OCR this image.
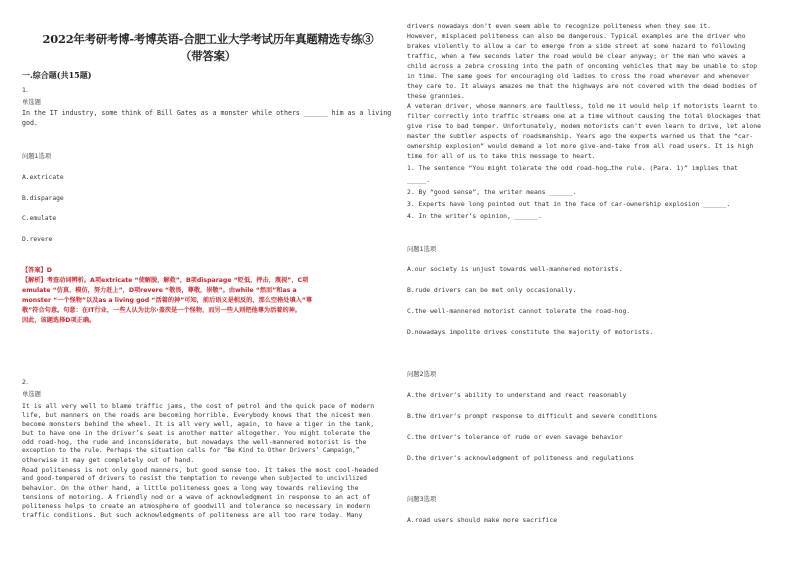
2022年考研考博-考博英语-合肥工业大学考试历年真题精选专练③
（带答案）
一.综合题(共15题)
1.
单选题
In the IT industry, some think of Bill Gates as a monster while others ______ him as a living
god.
问题1选项
A.extricate
B.disparage
C.emulate
D.revere
【答案】D
【解析】考查动词辨析。A项extricate “使解脱，解救”，B项disparage “贬低，抨击，蔑视”，C项
emulate “仿真，模仿，努力赶上”，D项revere “敬畏，尊敬，崇敬”。由while “然而”和as a
monster “一个怪物”以及as a living god “活着的神”可知，前后语义是相反的，那么空格处填入“尊
敬”符合句意。句意：在IT行业，一些人认为比尔·盖茨是一个怪物，而另一些人则把他尊为活着的神。
因此，该题选择D项正确。
2.
单选题
It is all very well to blame traffic jams, the cost of petrol and the quick pace of modern
life, but manners on the roads are becoming horrible. Everybody knows that the nicest men
become monsters behind the wheel. It is all very well, again, to have a tiger in the tank,
but to have one in the driver’s seat is another matter altogether. You might tolerate the
odd road-hog, the rude and inconsiderate, but nowadays the well-mannered motorist is the
exception to the rule. Perhaps the situation calls for “Be Kind to Other Drivers’ Campaign,”
otherwise it may get completely out of hand.
Road politeness is not only good manners, but good sense too. It takes the most cool-headed
and good-tempered of drivers to resist the temptation to revenge when subjected to uncivilized
behavior. On the other hand, a little politeness goes a long way towards relieving the
tensions of motoring. A friendly nod or a wave of acknowledgment in response to an act of
politeness helps to create an atmosphere of goodwill and tolerance so necessary in modern
traffic conditions. But such acknowledgments of politeness are all too rare today. Many
drivers nowadays don’t even seem able to recognize politeness when they see it.
However, misplaced politeness can also be dangerous. Typical examples are the driver who
brakes violently to allow a car to emerge from a side street at some hazard to following
traffic, when a few seconds later the road would be clear anyway; or the man who waves a
child across a zebra crossing into the path of oncoming vehicles that may be unable to stop
in time. The same goes for encouraging old ladies to cross the road wherever and whenever
they care to. It always amazes me that the highways are not covered with the dead bodies of
these grannies.
A veteran driver, whose manners are faultless, told me it would help if motorists learnt to
filter correctly into traffic streams one at a time without causing the total blockages that
give rise to bad temper. Unfortunately, modem motorists can’t even learn to drive, let alone
master the subtler aspects of roadsmanship. Years ago the experts warned us that the “car-
ownership explosion” would demand a lot more give-and-take from all road users. It is high
time for all of us to take this message to heart.
1. The sentence “You might tolerate the odd road-hog…the rule. (Para. 1)” implies that
_____.
2. By “good sense”, the writer means ______.
3. Experts have long pointed out that in the face of car-ownership explosion ______.
4. In the writer’s opinion, ______.
问题1选项
A.our society is unjust towards well-mannered motorists.
B.rude drivers can be met only occasionally.
C.the well-mannered motorist cannot tolerate the road-hog.
D.nowadays impolite drives constitute the majority of motorists.
问题2选项
A.the driver’s ability to understand and react reasonably
B.the driver’s prompt response to difficult and severe conditions
C.the driver’s tolerance of rude or even savage behavior
D.the driver’s acknowledgment of politeness and regulations
问题3选项
A.road users should make more sacrifice
